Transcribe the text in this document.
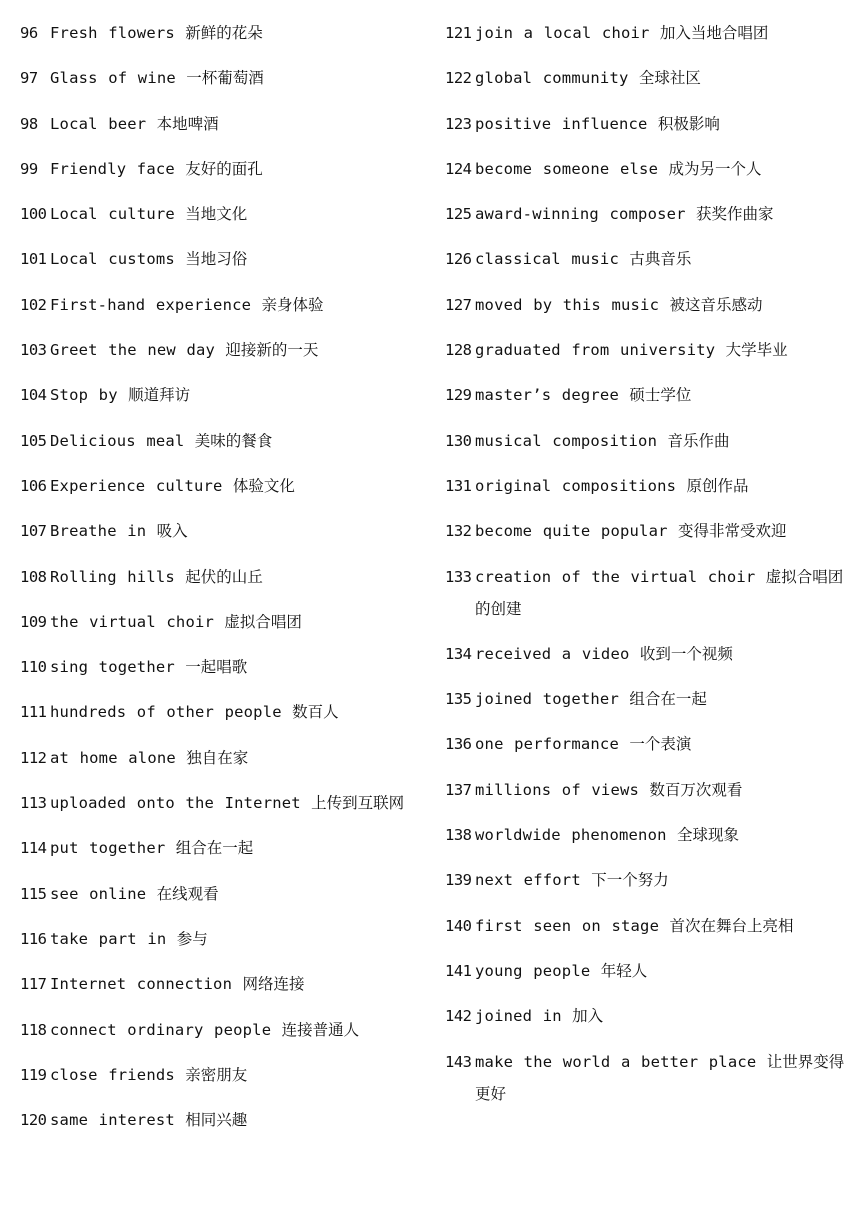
96 Fresh flowers 新鲜的花朵
97 Glass of wine 一杯葡萄酒
98 Local beer 本地啤酒
99 Friendly face 友好的面孔
100 Local culture 当地文化
101 Local customs 当地习俗
102 First-hand experience 亲身体验
103 Greet the new day 迎接新的一天
104 Stop by 顺道拜访
105 Delicious meal 美味的餐食
106 Experience culture 体验文化
107 Breathe in 吸入
108 Rolling hills 起伏的山丘
109 the virtual choir 虚拟合唱团
110 sing together 一起唱歌
111 hundreds of other people 数百人
112 at home alone 独自在家
113 uploaded onto the Internet 上传到互联网
114 put together 组合在一起
115 see online 在线观看
116 take part in 参与
117 Internet connection 网络连接
118 connect ordinary people 连接普通人
119 close friends 亲密朋友
120 same interest 相同兴趣
121 join a local choir 加入当地合唱团
122 global community 全球社区
123 positive influence 积极影响
124 become someone else 成为另一个人
125 award-winning composer 获奖作曲家
126 classical music 古典音乐
127 moved by this music 被这音乐感动
128 graduated from university 大学毕业
129 master’s degree 硕士学位
130 musical composition 音乐作曲
131 original compositions 原创作品
132 become quite popular 变得非常受欢迎
133 creation of the virtual choir 虚拟合唱团的创建
134 received a video 收到一个视频
135 joined together 组合在一起
136 one performance 一个表演
137 millions of views 数百万次观看
138 worldwide phenomenon 全球现象
139 next effort 下一个努力
140 first seen on stage 首次在舞台上亮相
141 young people 年轻人
142 joined in 加入
143 make the world a better place 让世界变得更好
